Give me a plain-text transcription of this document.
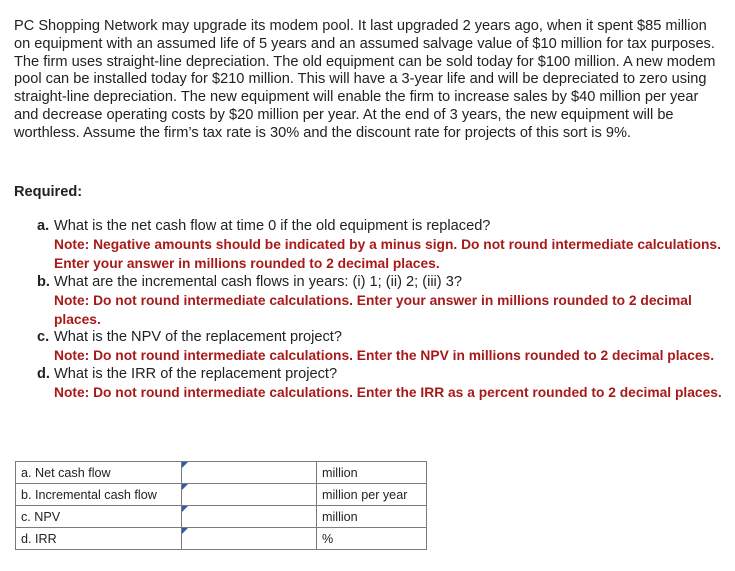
PC Shopping Network may upgrade its modem pool. It last upgraded 2 years ago, when it spent $85 million on equipment with an assumed life of 5 years and an assumed salvage value of $10 million for tax purposes. The firm uses straight-line depreciation. The old equipment can be sold today for $100 million. A new modem pool can be installed today for $210 million. This will have a 3-year life and will be depreciated to zero using straight-line depreciation. The new equipment will enable the firm to increase sales by $40 million per year and decrease operating costs by $20 million per year. At the end of 3 years, the new equipment will be worthless. Assume the firm’s tax rate is 30% and the discount rate for projects of this sort is 9%.

Required:

a. What is the net cash flow at time 0 if the old equipment is replaced?
Note: Negative amounts should be indicated by a minus sign. Do not round intermediate calculations. Enter your answer in millions rounded to 2 decimal places.
b. What are the incremental cash flows in years: (i) 1; (ii) 2; (iii) 3?
Note: Do not round intermediate calculations. Enter your answer in millions rounded to 2 decimal places.
c. What is the NPV of the replacement project?
Note: Do not round intermediate calculations. Enter the NPV in millions rounded to 2 decimal places.
d. What is the IRR of the replacement project?
Note: Do not round intermediate calculations. Enter the IRR as a percent rounded to 2 decimal places.
a. Net cash flow		million
b. Incremental cash flow		million per year
c. NPV		million
d. IRR		%
